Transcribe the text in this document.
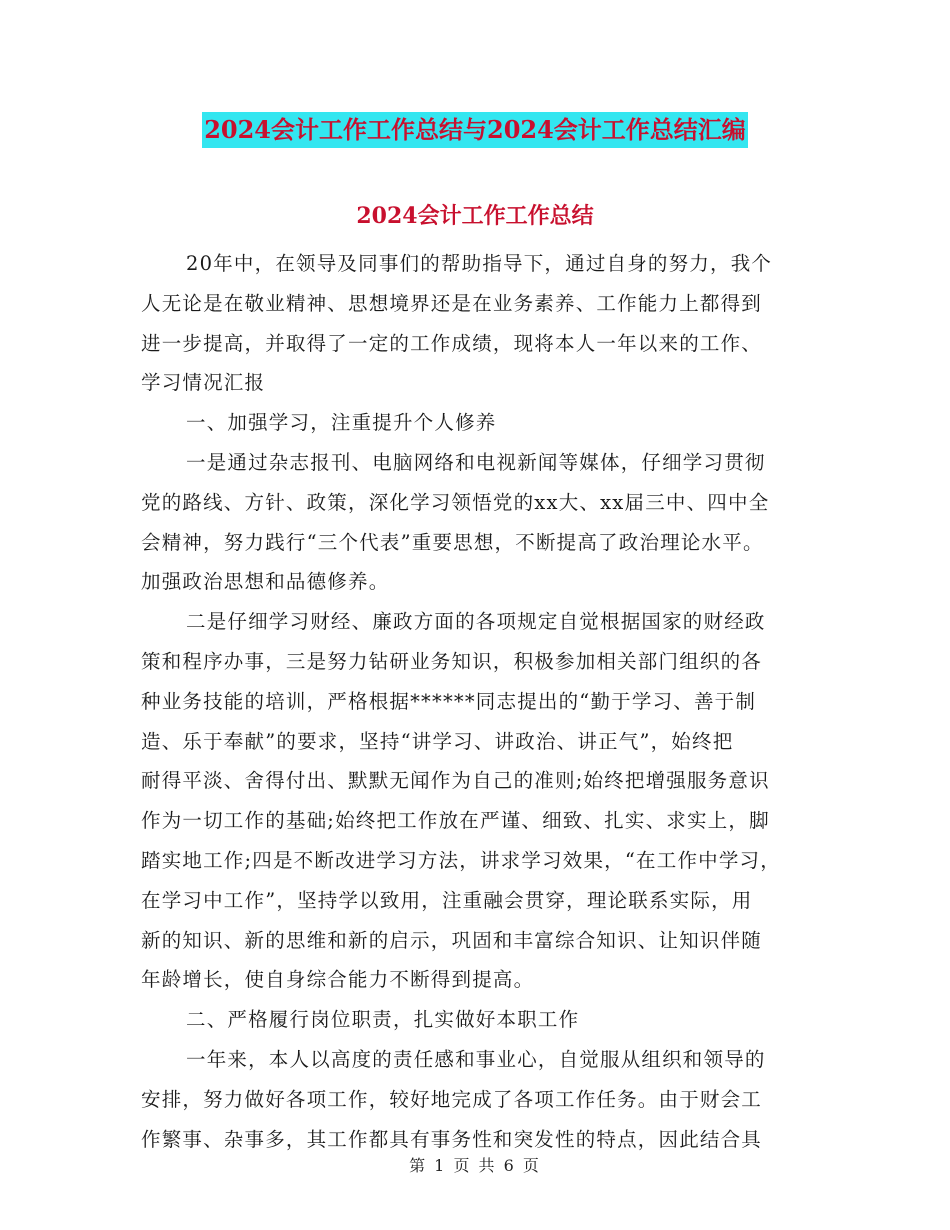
2024会计工作工作总结与2024会计工作总结汇编
2024会计工作工作总结
20年中，在领导及同事们的帮助指导下，通过自身的努力，我个
人无论是在敬业精神、思想境界还是在业务素养、工作能力上都得到
进一步提高，并取得了一定的工作成绩，现将本人一年以来的工作、
学习情况汇报
一、加强学习，注重提升个人修养
一是通过杂志报刊、电脑网络和电视新闻等媒体，仔细学习贯彻
党的路线、方针、政策，深化学习领悟党的xx大、xx届三中、四中全
会精神，努力践行“三个代表”重要思想，不断提高了政治理论水平。
加强政治思想和品德修养。
二是仔细学习财经、廉政方面的各项规定自觉根据国家的财经政
策和程序办事，三是努力钻研业务知识，积极参加相关部门组织的各
种业务技能的培训，严格根据******同志提出的“勤于学习、善于制
造、乐于奉献”的要求，坚持“讲学习、讲政治、讲正气”，始终把
耐得平淡、舍得付出、默默无闻作为自己的准则;始终把增强服务意识
作为一切工作的基础;始终把工作放在严谨、细致、扎实、求实上，脚
踏实地工作;四是不断改进学习方法，讲求学习效果，“在工作中学习，
在学习中工作”，坚持学以致用，注重融会贯穿，理论联系实际，用
新的知识、新的思维和新的启示，巩固和丰富综合知识、让知识伴随
年龄增长，使自身综合能力不断得到提高。
二、严格履行岗位职责，扎实做好本职工作
一年来，本人以高度的责任感和事业心，自觉服从组织和领导的
安排，努力做好各项工作，较好地完成了各项工作任务。由于财会工
作繁事、杂事多，其工作都具有事务性和突发性的特点，因此结合具
第 1 页 共 6 页
